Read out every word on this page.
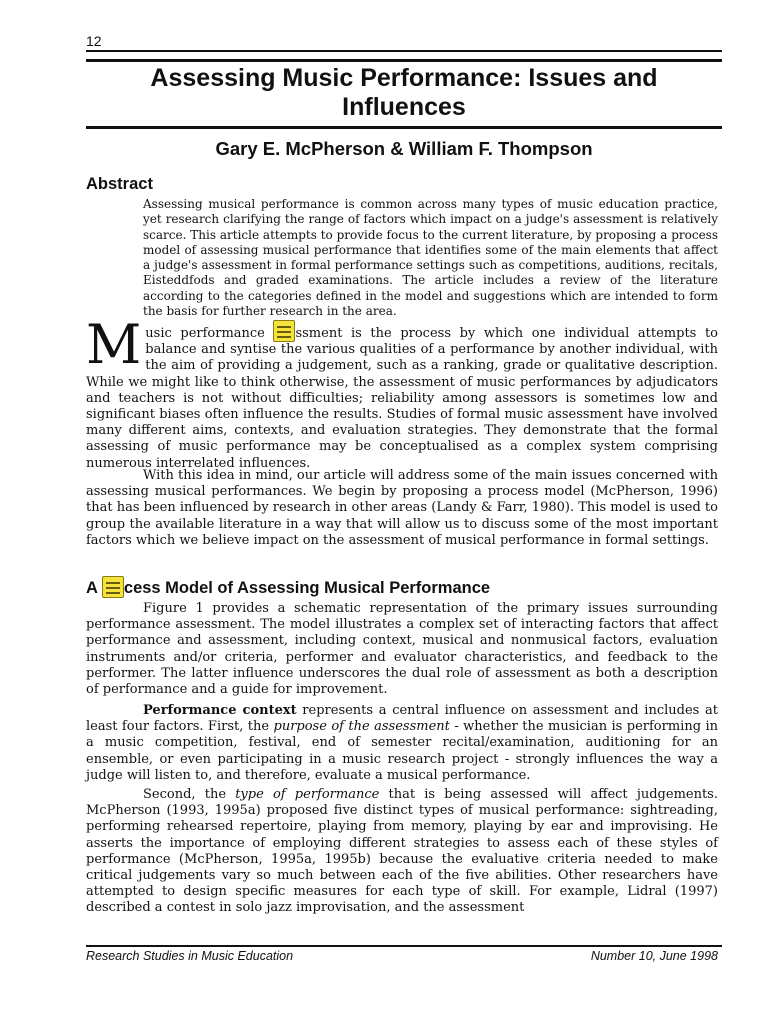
12
Assessing Music Performance: Issues and Influences
Gary E. McPherson & William F. Thompson
Abstract

Assessing musical performance is common across many types of music education practice, yet research clarifying the range of factors which impact on a judge's assessment is relatively scarce. This article attempts to provide focus to the current literature, by proposing a process model of assessing musical performance that identifies some of the main elements that affect a judge's assessment in formal performance settings such as competitions, auditions, recitals, Eisteddfods and graded examinations. The article includes a review of the literature according to the categories defined in the model and suggestions which are intended to form the basis for further research in the area.

Music performance
ssment is the process by which one individual attempts to balance and syntise the various qualities of a performance by another individual, with the aim of providing a judgement, such as a ranking, grade or qualitative description. While we might like to think otherwise, the assessment of music performances by adjudicators and teachers is not without difficulties; reliability among assessors is sometimes low and significant biases often influence the results. Studies of formal music assessment have involved many different aims, contexts, and evaluation strategies. They demonstrate that the formal assessing of music performance may be conceptualised as a complex system comprising numerous interrelated influences.

With this idea in mind, our article will address some of the main issues concerned with assessing musical performances. We begin by proposing a process model (McPherson, 1996) that has been influenced by research in other areas (Landy & Farr, 1980). This model is used to group the available literature in a way that will allow us to discuss some of the most important factors which we believe impact on the assessment of musical performance in formal settings.

A
cess Model of Assessing Musical Performance

Figure 1 provides a schematic representation of the primary issues surrounding performance assessment. The model illustrates a complex set of interacting factors that affect performance and assessment, including context, musical and nonmusical factors, evaluation instruments and/or criteria, performer and evaluator characteristics, and feedback to the performer. The latter influence underscores the dual role of assessment as both a description of performance and a guide for improvement.

Performance context represents a central influence on assessment and includes at least four factors. First, the purpose of the assessment - whether the musician is performing in a music competition, festival, end of semester recital/examination, auditioning for an ensemble, or even participating in a music research project - strongly influences the way a judge will listen to, and therefore, evaluate a musical performance.

Second, the type of performance that is being assessed will affect judgements. McPherson (1993, 1995a) proposed five distinct types of musical performance: sightreading, performing rehearsed repertoire, playing from memory, playing by ear and improvising. He asserts the importance of employing different strategies to assess each of these styles of performance (McPherson, 1995a, 1995b) because the evaluative criteria needed to make critical judgements vary so much between each of the five abilities. Other researchers have attempted to design specific measures for each type of skill. For example, Lidral (1997) described a contest in solo jazz improvisation, and the assessment

Research Studies in Music Education	Number 10, June 1998
